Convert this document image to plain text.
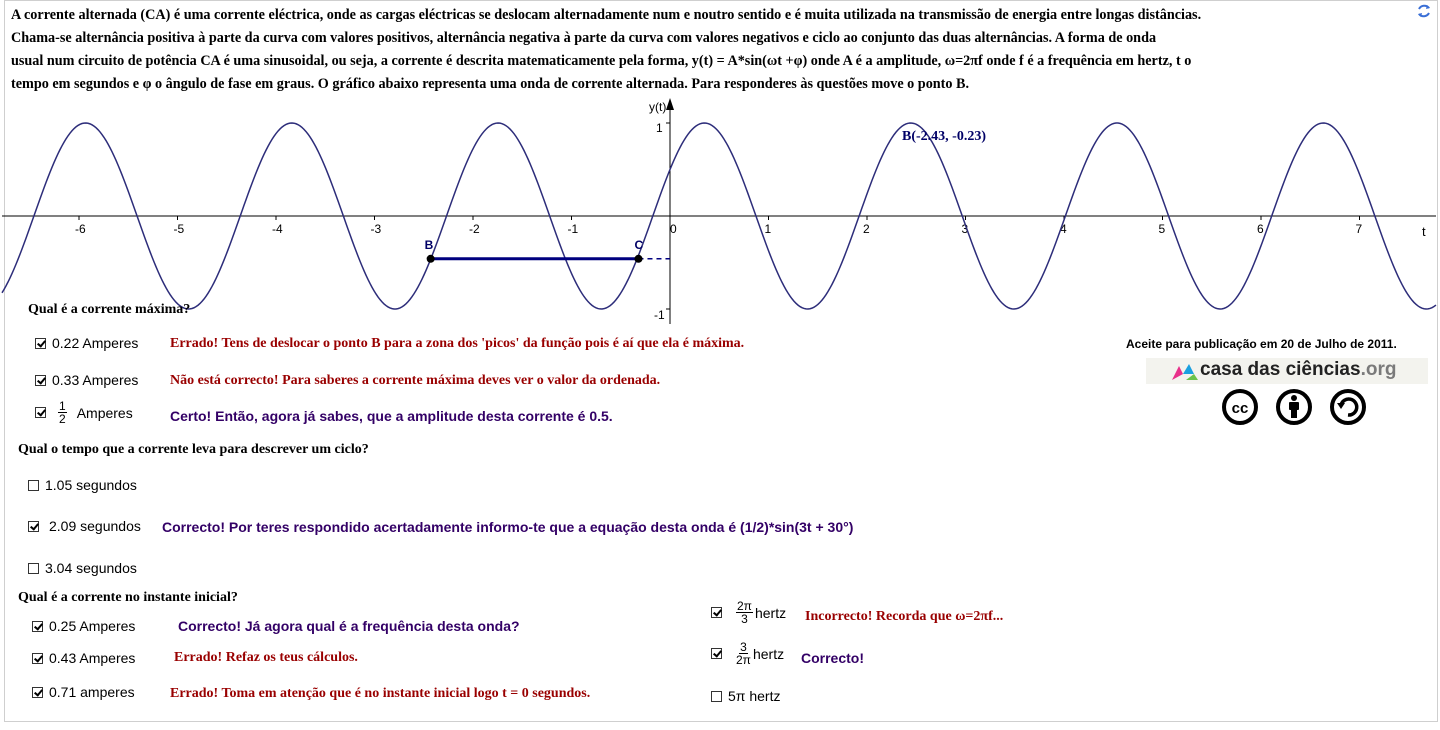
A corrente alternada (CA) é uma corrente eléctrica, onde as cargas eléctricas se deslocam alternadamente num e noutro sentido e é muita utilizada na transmissão de energia entre longas distâncias.
Chama-se alternância positiva à parte da curva com valores positivos, alternância negativa à parte da curva com valores negativos e ciclo ao conjunto das duas alternâncias. A forma de onda
usual num circuito de potência CA é uma sinusoidal, ou seja, a corrente é descrita matematicamente pela forma, y(t) = A*sin(ωt +φ) onde A é a amplitude, ω=2πf onde f é a frequência em hertz, t o
tempo em segundos e φ o ângulo de fase em graus. O gráfico abaixo representa uma onda de corrente alternada. Para responderes às questões move o ponto B.
-6	-5	-4	-3	-2	-1	0	1	2	3	4	5	6	7
B	C
B(-2.43, -0.23)
y(t)
t
1
-1
Qual é a corrente máxima?
0.22 Amperes Errado! Tens de deslocar o ponto B para a zona dos 'picos' da função pois é aí que ela é máxima.
0.33 Amperes Não está correcto! Para saberes a corrente máxima deves ver o valor da ordenada.
$\frac{1}{2}$ Amperes	Certo! Então, agora já sabes, que a amplitude desta corrente é 0.5.
Qual o tempo que a corrente leva para descrever um ciclo?
1.05 segundos
2.09 segundos Correcto! Por teres respondido acertadamente informo-te que a equação desta onda é (1/2)*sin(3t + 30°)
3.04 segundos
Qual é a corrente no instante inicial?
0.25 Amperes	Correcto! Já agora qual é a frequência desta onda?
0.43 Amperes	Errado! Refaz os teus cálculos.
0.71 amperes	Errado! Toma em atenção que é no instante inicial logo t = 0 segundos.
$\frac{2\pi}{3}$ hertz Incorrecto! Recorda que ω=2πf...
$\frac{3}{2\pi}$ hertz Correcto!
5π hertz
Aceite para publicação em 20 de Julho de 2011.
casa das ciências.org
cc
